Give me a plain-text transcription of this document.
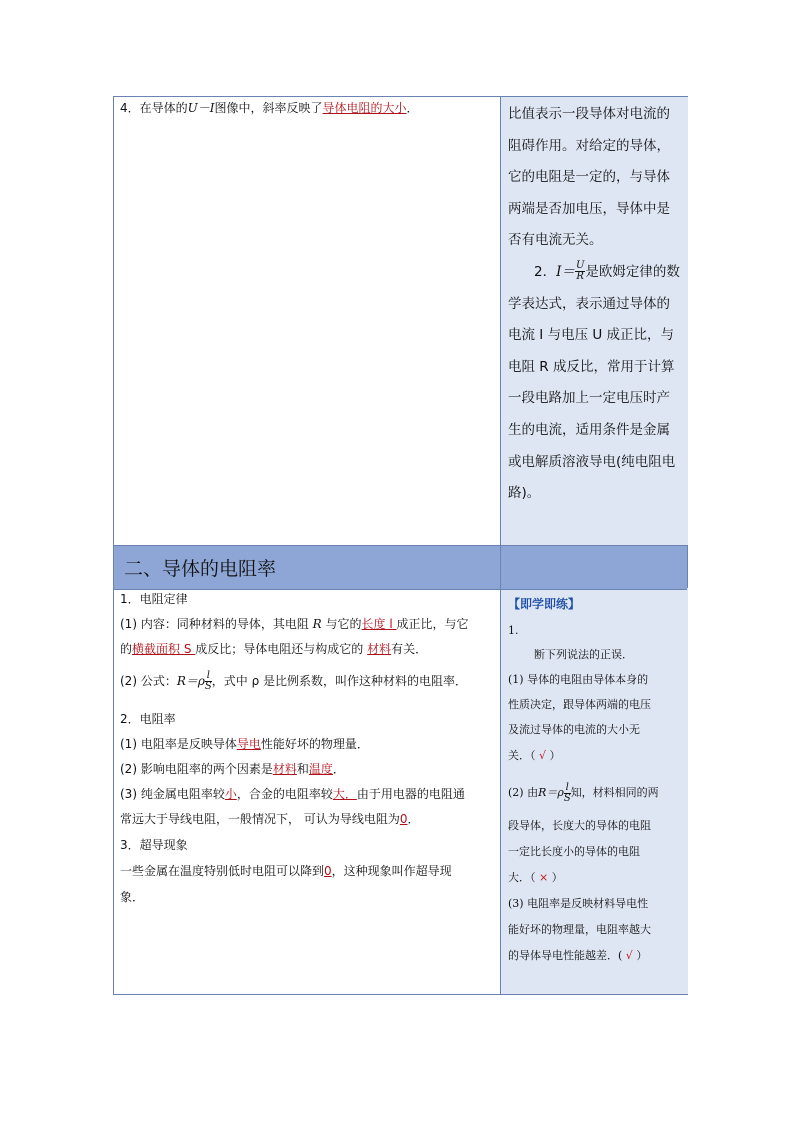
4．在导体的U－I图像中，斜率反映了导体电阻的大小．	比值表示一段导体对电流的
阻碍作用。对给定的导体，
它的电阻是一定的，与导体
两端是否加电压，导体中是
否有电流无关。
2．$I= \frac{U}{R}$ 是欧姆定律的数
学表达式，表示通过导体的
电流 I 与电压 U 成正比，与
电阻 R 成反比，常用于计算
一段电路加上一定电压时产
生的电流，适用条件是金属
或电解质溶液导电(纯电阻电
路)。
二、导体的电阻率
1．电阻定律
(1) 内容：同种材料的导体，其电阻 R 与它的长度 l 成正比，与它
的横截面积 S 成反比；导体电阻还与构成它的 材料有关．
(2) 公式：$R=\rho \frac{l}{S}$ ，式中 ρ 是比例系数，叫作这种材料的电阻率．
2．电阻率
(1) 电阻率是反映导体导电性能好坏的物理量．
(2) 影响电阻率的两个因素是材料和温度．
(3) 纯金属电阻率较小，合金的电阻率较大．由于用电器的电阻通
常远大于导线电阻，一般情况下， 可认为导线电阻为0．
3．超导现象
一些金属在温度特别低时电阻可以降到0，这种现象叫作超导现
象．
【即学即练】
1.
断下列说法的正误．
(1) 导体的电阻由导体本身的
性质决定，跟导体两端的电压
及流过导体的电流的大小无
关．（ √ ）
(2) 由$R=\rho \frac{l}{S}$ 知，材料相同的两
段导体，长度大的导体的电阻
一定比长度小的导体的电阻
大．（ × ）
(3) 电阻率是反映材料导电性
能好坏的物理量，电阻率越大
的导体导电性能越差．( √ ）
